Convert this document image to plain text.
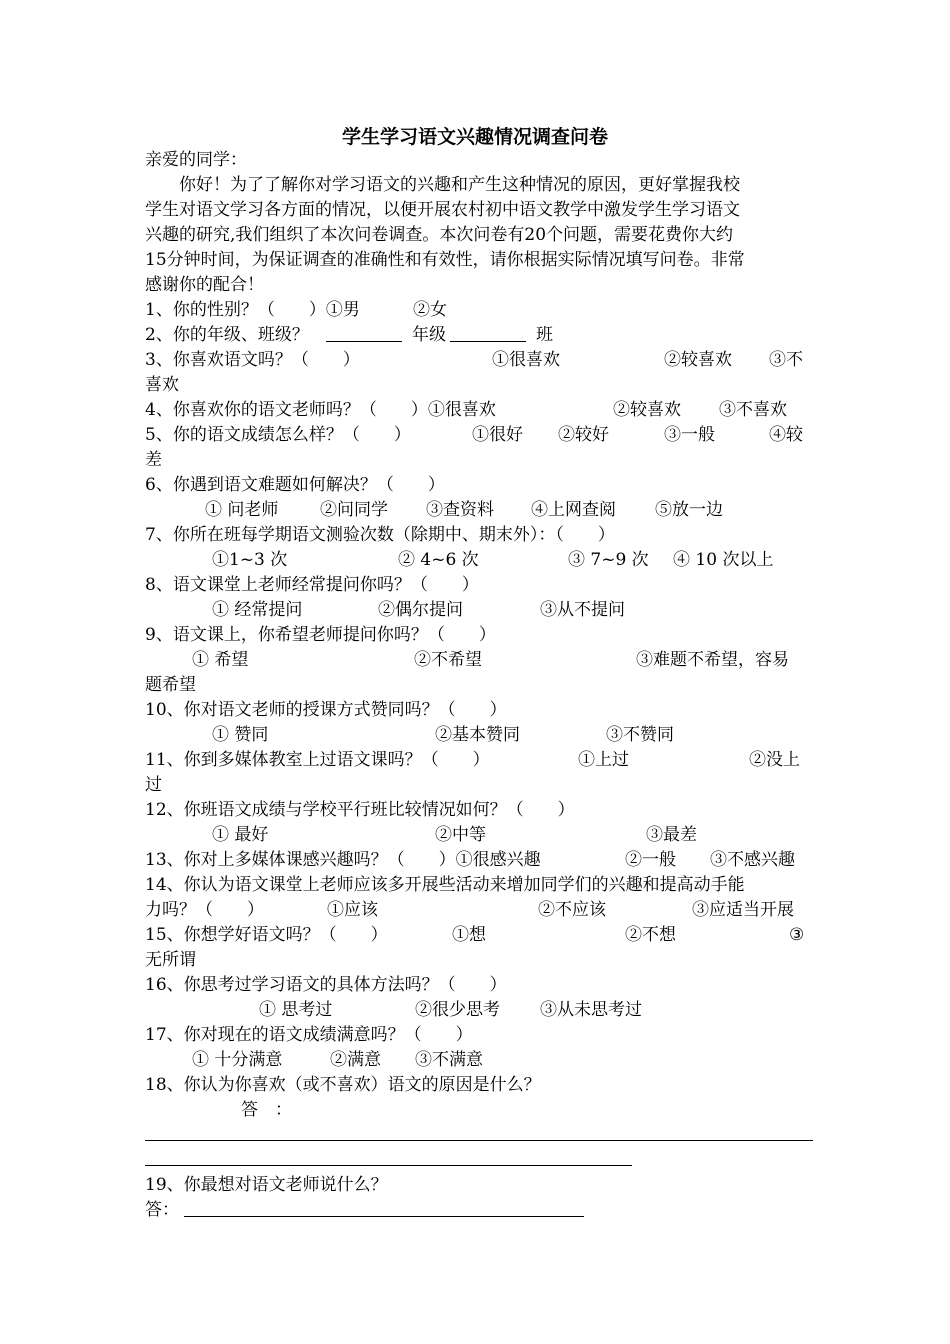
学生学习语文兴趣情况调查问卷
亲爱的同学：
　　你好！为了了解你对学习语文的兴趣和产生这种情况的原因，更好掌握我校
学生对语文学习各方面的情况，以便开展农村初中语文教学中激发学生学习语文
兴趣的研究,我们组织了本次问卷调查。本次问卷有20个问题，需要花费你大约
15分钟时间，为保证调查的准确性和有效性，请你根据实际情况填写问卷。非常
感谢你的配合！

1、你的性别？（　　）①男

	②女

2、你的年级、班级？

	年级

	班

3、你喜欢语文吗？（　　）

	①很喜欢

	②较喜欢

③不

喜欢

4、你喜欢你的语文老师吗？（　　）①很喜欢

	②较喜欢

③不喜欢

5、你的语文成绩怎么样？（　　）

	①很好

②较好

	③一般

	④较

差
6、你遇到语文难题如何解决？（　　）

① 问老师

②问同学

③查资料

④上网查阅

⑤放一边

7、你所在班每学期语文测验次数（除期中、期末外）：（　　）

①1~3 次

	② 4~6 次

	③ 7~9 次

④ 10 次以上

8、语文课堂上老师经常提问你吗？（　　）

① 经常提问

	②偶尔提问

	③从不提问

9、语文课上，你希望老师提问你吗？（　　）

① 希望

	②不希望

	③难题不希望，容易

题希望
10、你对语文老师的授课方式赞同吗？（　　）

① 赞同

	②基本赞同

	③不赞同

11、你到多媒体教室上过语文课吗？（　　）

	①上过

	②没上

过
12、你班语文成绩与学校平行班比较情况如何？（　　）

① 最好

	②中等

	③最差

13、你对上多媒体课感兴趣吗？（　　）①很感兴趣

	②一般

③不感兴趣

14、你认为语文课堂上老师应该多开展些活动来增加同学们的兴趣和提高动手能

力吗？（　　）

	①应该

	②不应该

	③应适当开展

15、你想学好语文吗？（　　）

	①想

	②不想

	③

无所谓
16、你思考过学习语文的具体方法吗？（　　）

① 思考过

	②很少思考

③从未思考过

17、你对现在的语文成绩满意吗？（　　）

① 十分满意

	②满意

③不满意

18、你认为你喜欢（或不喜欢）语文的原因是什么？

答　：

19、你最想对语文老师说什么？

答：
